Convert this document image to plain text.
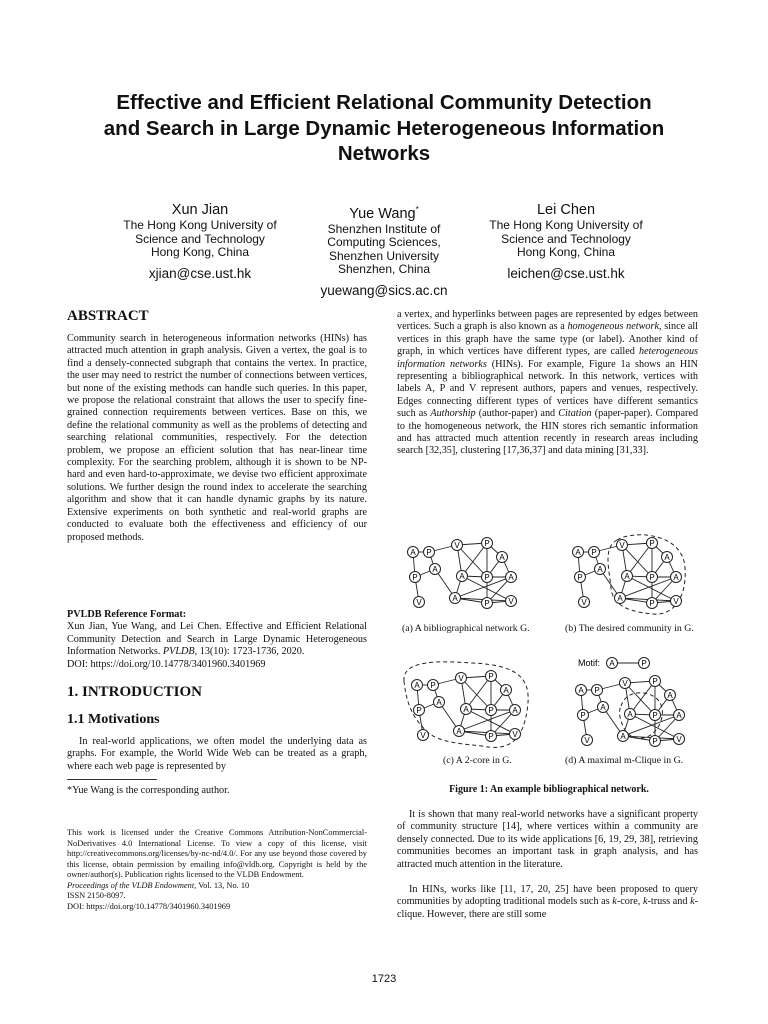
Effective and Efficient Relational Community Detection
and Search in Large Dynamic Heterogeneous Information
Networks
Xun Jian
The Hong Kong University of
Science and Technology
Hong Kong, China
xjian@cse.ust.hk
Yue Wang*
Shenzhen Institute of
Computing Sciences,
Shenzhen University
Shenzhen, China
yuewang@sics.ac.cn
Lei Chen
The Hong Kong University of
Science and Technology
Hong Kong, China
leichen@cse.ust.hk
ABSTRACT
Community search in heterogeneous information networks (HINs) has attracted much attention in graph analysis. Given a vertex, the goal is to find a densely-connected subgraph that contains the vertex. In practice, the user may need to restrict the number of connections between vertices, but none of the existing methods can handle such queries. In this paper, we propose the relational constraint that allows the user to specify fine-grained connection requirements between vertices. Base on this, we define the relational community as well as the problems of detecting and searching relational communities, respectively. For the detection problem, we propose an efficient solution that has near-linear time complexity. For the searching problem, although it is shown to be NP-hard and even hard-to-approximate, we devise two efficient approximate solutions. We further design the round index to accelerate the searching algorithm and show that it can handle dynamic graphs by its nature. Extensive experiments on both synthetic and real-world graphs are conducted to evaluate both the effectiveness and efficiency of our proposed methods.
PVLDB Reference Format:

Xun Jian, Yue Wang, and Lei Chen. Effective and Efficient Relational Community Detection and Search in Large Dynamic Heterogeneous Information Networks. PVLDB, 13(10): 1723-1736, 2020.

DOI: https://doi.org/10.14778/3401960.3401969
1. INTRODUCTION
1.1 Motivations
In real-world applications, we often model the underlying data as graphs. For example, the World Wide Web can be treated as a graph, where each web page is represented by
*Yue Wang is the corresponding author.
This work is licensed under the Creative Commons Attribution-NonCommercial-NoDerivatives 4.0 International License. To view a copy of this license, visit http://creativecommons.org/licenses/by-nc-nd/4.0/. For any use beyond those covered by this license, obtain permission by emailing info@vldb.org. Copyright is held by the owner/author(s). Publication rights licensed to the VLDB Endowment.
Proceedings of the VLDB Endowment, Vol. 13, No. 10
ISSN 2150-8097.
DOI: https://doi.org/10.14778/3401960.3401969
a vertex, and hyperlinks between pages are represented by edges between vertices. Such a graph is also known as a homogeneous network, since all vertices in this graph have the same type (or label). Another kind of graph, in which vertices have different types, are called heterogeneous information networks (HINs). For example, Figure 1a shows an HIN representing a bibliographical network. In this network, vertices with labels A, P and V represent authors, papers and venues, respectively. Edges connecting different types of vertices have different semantics such as Authorship (author-paper) and Citation (paper-paper). Compared to the homogeneous network, the HIN stores rich semantic information and has attracted much attention recently in research areas including search [32,35], clustering [17,36,37] and data mining [31,33].
A P
V	P
A
A
P	A P A
V	A
P V
A P
V	P
A
A
P	A P A
V	A
P V
A P
V	P
A
A
P	A P A
V	A
P V
Motif: A	P
A P
V	P
A
A
P	A P A
V	A
P V
(a) A bibliographical network G.	(b) The desired community in G.
(c) A 2-core in G.	(d) A maximal m-Clique in G.
Figure 1: An example bibliographical network.
It is shown that many real-world networks have a significant property of community structure [14], where vertices within a community are densely connected. Due to its wide applications [6, 19, 29, 38], retrieving communities becomes an important task in graph analysis, and has attracted much attention in the literature.
In HINs, works like [11, 17, 20, 25] have been proposed to query communities by adopting traditional models such as k-core, k-truss and k-clique. However, there are still some
1723
